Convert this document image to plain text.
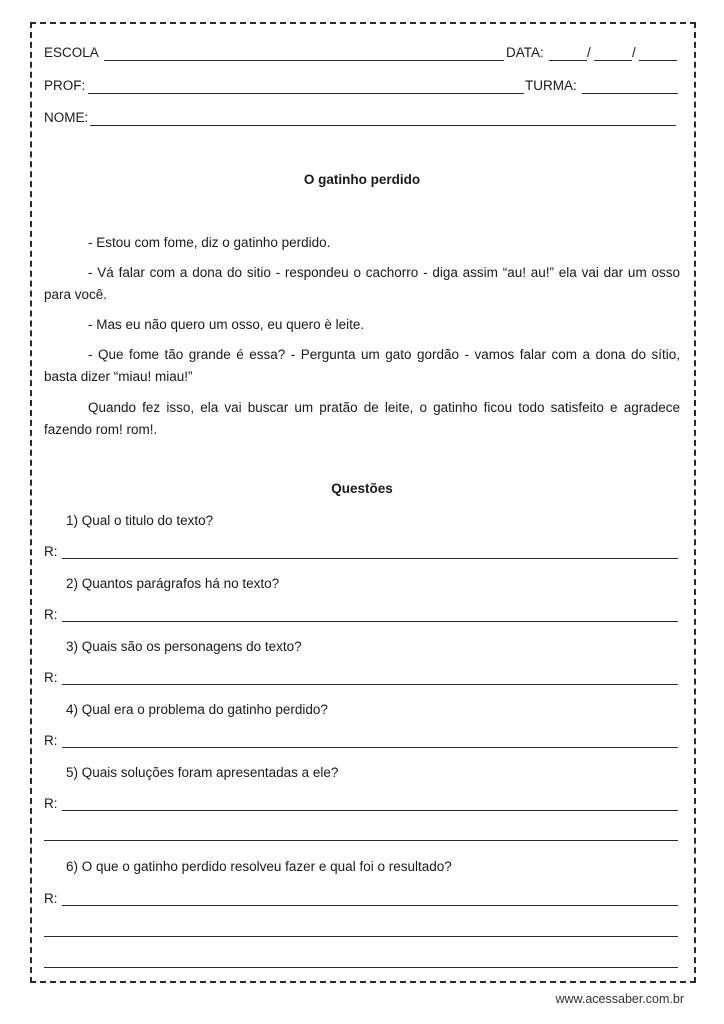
ESCOLA	DATA:	/	/
PROF:	TURMA:
NOME:
O gatinho perdido
- Estou com fome, diz o gatinho perdido.
- Vá falar com a dona do sitio - respondeu o cachorro - diga assim “au! au!” ela vai dar um osso para você.
- Mas eu não quero um osso, eu quero è leite.
- Que fome tão grande é essa? - Pergunta um gato gordão - vamos falar com a dona do sítio, basta dizer “miau! miau!”
Quando fez isso, ela vai buscar um pratão de leite, o gatinho ficou todo satisfeito e agradece fazendo rom! rom!.
Questões
1) Qual o titulo do texto?
R:
2) Quantos parágrafos há no texto?
R:
3) Quais são os personagens do texto?
R:
4) Qual era o problema do gatinho perdido?
R:
5) Quais soluções foram apresentadas a ele?
R:
6) O que o gatinho perdido resolveu fazer e qual foi o resultado?
R:
www.acessaber.com.br
